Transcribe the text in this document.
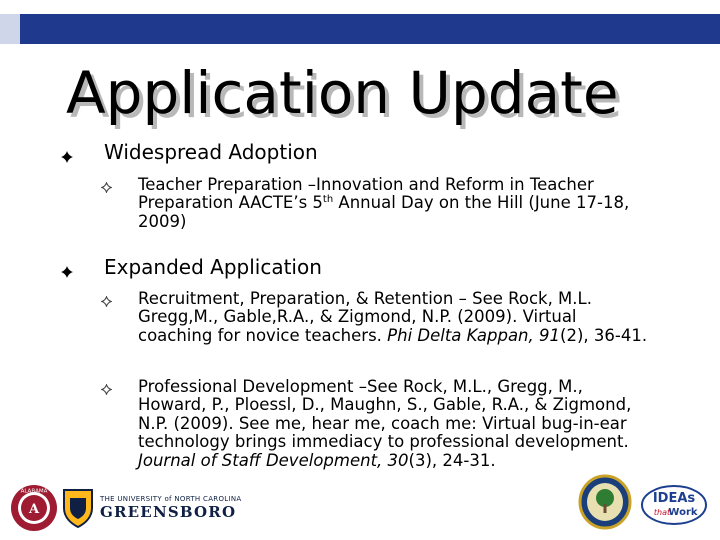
Application Update
Widespread Adoption
Teacher Preparation –Innovation and Reform in Teacher Preparation AACTE’s 5th Annual Day on the Hill (June 17-18, 2009)
Expanded Application
Recruitment, Preparation, & Retention – See Rock, M.L. Gregg,M., Gable,R.A., & Zigmond, N.P. (2009). Virtual coaching for novice teachers. Phi Delta Kappan, 91(2), 36-41.
Professional Development –See Rock, M.L., Gregg, M., Howard, P., Ploessl, D., Maughn, S., Gable, R.A., & Zigmond, N.P. (2009). See me, hear me, coach me: Virtual bug-in-ear technology brings immediacy to professional development. Journal of Staff Development, 30(3), 24-31.
ALABAMA
A
THE UNIVERSITY of NORTH CAROLINA
GREENSBORO
IDEAs
that
Work
